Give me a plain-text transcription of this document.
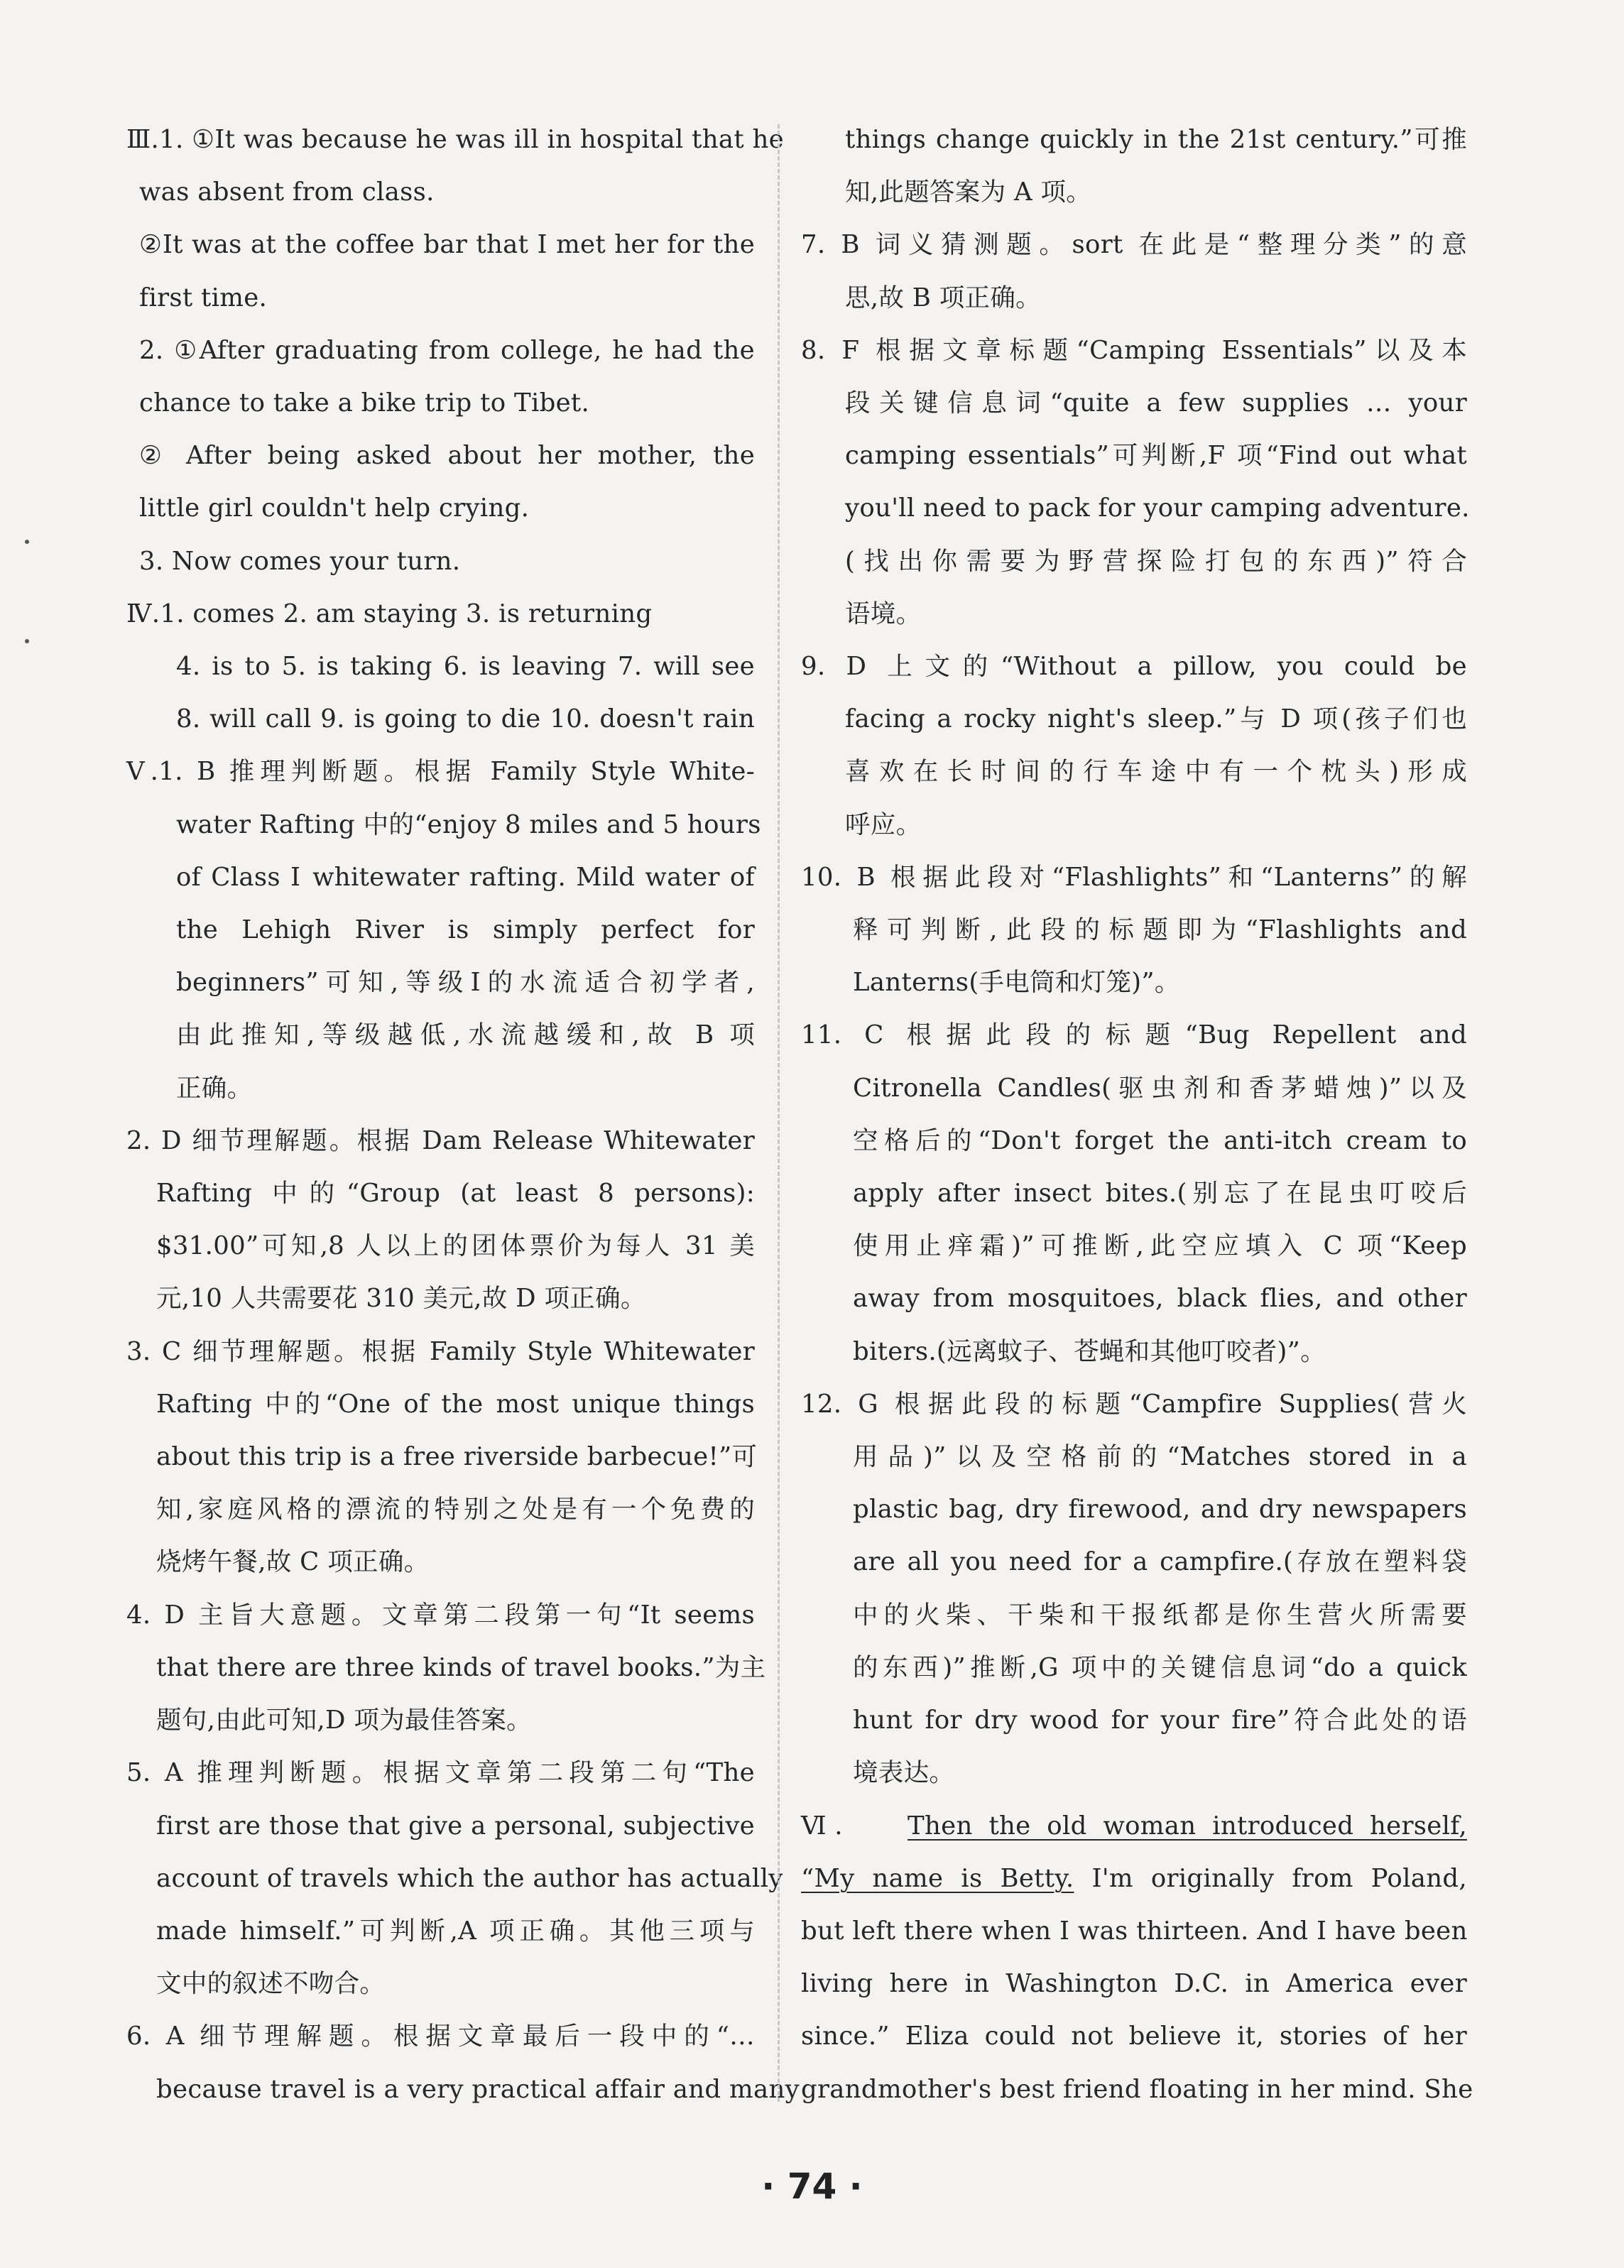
Ⅲ.1. ①It was because he was ill in hospital that he
was absent from class.
②It was at the coffee bar that I met her for the
first time.
2. ①After graduating from college, he had the
chance to take a bike trip to Tibet.
② After being asked about her mother, the
little girl couldn't help crying.
3. Now comes your turn.
Ⅳ.1. comes 2. am staying 3. is returning
4. is to 5. is taking 6. is leaving 7. will see
8. will call 9. is going to die 10. doesn't rain
Ⅴ.1. B 推理判断题。根据 Family Style White-
water Rafting 中的“enjoy 8 miles and 5 hours
of Class Ⅰ whitewater rafting. Mild water of
the Lehigh River is simply perfect for
beginners”可知,等级Ⅰ的水流适合初学者,
由此推知,等级越低,水流越缓和,故 B 项
正确。
2. D 细节理解题。根据 Dam Release Whitewater
Rafting 中的“Group (at least 8 persons):
$31.00”可知,8 人以上的团体票价为每人 31 美
元,10 人共需要花 310 美元,故 D 项正确。
3. C 细节理解题。根据 Family Style Whitewater
Rafting 中的“One of the most unique things
about this trip is a free riverside barbecue!”可
知,家庭风格的漂流的特别之处是有一个免费的
烧烤午餐,故 C 项正确。
4. D 主旨大意题。文章第二段第一句“It seems
that there are three kinds of travel books.”为主
题句,由此可知,D 项为最佳答案。
5. A 推理判断题。根据文章第二段第二句“The
first are those that give a personal, subjective
account of travels which the author has actually
made himself.”可判断,A 项正确。其他三项与
文中的叙述不吻合。
6. A 细节理解题。根据文章最后一段中的“…
because travel is a very practical affair and many
things change quickly in the 21st century.”可推
知,此题答案为 A 项。
7. B 词义猜测题。sort 在此是“整理分类”的意
思,故 B 项正确。
8. F 根据文章标题“Camping Essentials”以及本
段关键信息词“quite a few supplies … your
camping essentials”可判断,F 项“Find out what
you'll need to pack for your camping adventure.
(找出你需要为野营探险打包的东西)”符合
语境。
9. D 上文的“Without a pillow, you could be
facing a rocky night's sleep.”与 D 项(孩子们也
喜欢在长时间的行车途中有一个枕头)形成
呼应。
10. B 根据此段对“Flashlights”和“Lanterns”的解
释可判断,此段的标题即为“Flashlights and
Lanterns(手电筒和灯笼)”。
11. C 根据此段的标题“Bug Repellent and
Citronella Candles(驱虫剂和香茅蜡烛)”以及
空格后的“Don't forget the anti-itch cream to
apply after insect bites.(别忘了在昆虫叮咬后
使用止痒霜)”可推断,此空应填入 C 项“Keep
away from mosquitoes, black flies, and other
biters.(远离蚊子、苍蝇和其他叮咬者)”。
12. G 根据此段的标题“Campfire Supplies(营火
用品)”以及空格前的“Matches stored in a
plastic bag, dry firewood, and dry newspapers
are all you need for a campfire.(存放在塑料袋
中的火柴、干柴和干报纸都是你生营火所需要
的东西)”推断,G 项中的关键信息词“do a quick
hunt for dry wood for your fire”符合此处的语
境表达。
Ⅵ.	Then the old woman introduced herself,
“My name is Betty. I'm originally from Poland,
but left there when I was thirteen. And I have been
living here in Washington D.C. in America ever
since.” Eliza could not believe it, stories of her
grandmother's best friend floating in her mind. She
· 74 ·
